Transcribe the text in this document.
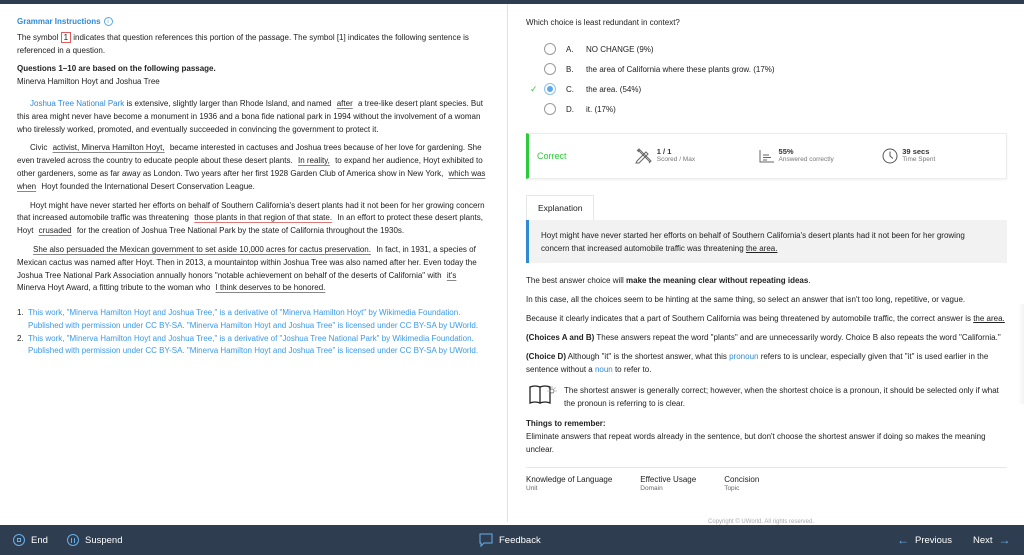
Grammar Instructions	i
The symbol 1 indicates that question references this portion of the passage. The symbol [1] indicates the following sentence is referenced in a question.
Questions 1–10 are based on the following passage.
Minerva Hamilton Hoyt and Joshua Tree
Joshua Tree National Park is extensive, slightly larger than Rhode Island, and named after a tree-like desert plant species. But this area might never have become a monument in 1936 and a bona fide national park in 1994 without the involvement of a woman who tirelessly worked, promoted, and eventually succeeded in convincing the government to protect it.
Civic activist, Minerva Hamilton Hoyt, became interested in cactuses and Joshua trees because of her love for gardening. She even traveled across the country to educate people about these desert plants. In reality, to expand her audience, Hoyt exhibited to other gardeners, some as far away as London. Two years after her first 1928 Garden Club of America show in New York, which was when Hoyt founded the International Desert Conservation League.
Hoyt might have never started her efforts on behalf of Southern California's desert plants had it not been for her growing concern that increased automobile traffic was threatening those plants in that region of that state. In an effort to protect these desert plants, Hoyt crusaded for the creation of Joshua Tree National Park by the state of California throughout the 1930s.
She also persuaded the Mexican government to set aside 10,000 acres for cactus preservation. In fact, in 1931, a species of Mexican cactus was named after Hoyt. Then in 2013, a mountaintop within Joshua Tree was also named after her. Even today the Joshua Tree National Park Association annually honors "notable achievement on behalf of the deserts of California" with it's Minerva Hoyt Award, a fitting tribute to the woman who I think deserves to be honored.
1. This work, "Minerva Hamilton Hoyt and Joshua Tree," is a derivative of "Minerva Hamilton Hoyt" by Wikimedia Foundation. Published with permission under CC BY-SA. "Minerva Hamilton Hoyt and Joshua Tree" is licensed under CC BY-SA by UWorld.
2. This work, "Minerva Hamilton Hoyt and Joshua Tree," is a derivative of "Joshua Tree National Park" by Wikimedia Foundation. Published with permission under CC BY-SA. "Minerva Hamilton Hoyt and Joshua Tree" is licensed under CC BY-SA by UWorld.
Which choice is least redundant in context?
A.	NO CHANGE (9%)
B.	the area of California where these plants grow. (17%)
✓	C.	the area. (54%)
D.	it. (17%)
Correct	1 / 1
Scored / Max
55%
Answered correctly
39 secs
Time Spent
Explanation
Hoyt might have never started her efforts on behalf of Southern California's desert plants had it not been for her growing concern that increased automobile traffic was threatening the area.
The best answer choice will make the meaning clear without repeating ideas.
In this case, all the choices seem to be hinting at the same thing, so select an answer that isn't too long, repetitive, or vague.
Because it clearly indicates that a part of Southern California was being threatened by automobile traffic, the correct answer is the area.
(Choices A and B) These answers repeat the word "plants" and are unnecessarily wordy. Choice B also repeats the word "California."
(Choice D) Although "it" is the shortest answer, what this pronoun refers to is unclear, especially given that "it" is used earlier in the sentence without a noun to refer to.
The shortest answer is generally correct; however, when the shortest choice is a pronoun, it should be selected only if what the pronoun is referring to is clear.
Things to remember:
Eliminate answers that repeat words already in the sentence, but don't choose the shortest answer if doing so makes the meaning unclear.
Knowledge of Language
Unit
Effective Usage
Domain
Concision
Topic
Copyright © UWorld. All rights reserved.
End	Suspend	Feedback	← Previous Next →
